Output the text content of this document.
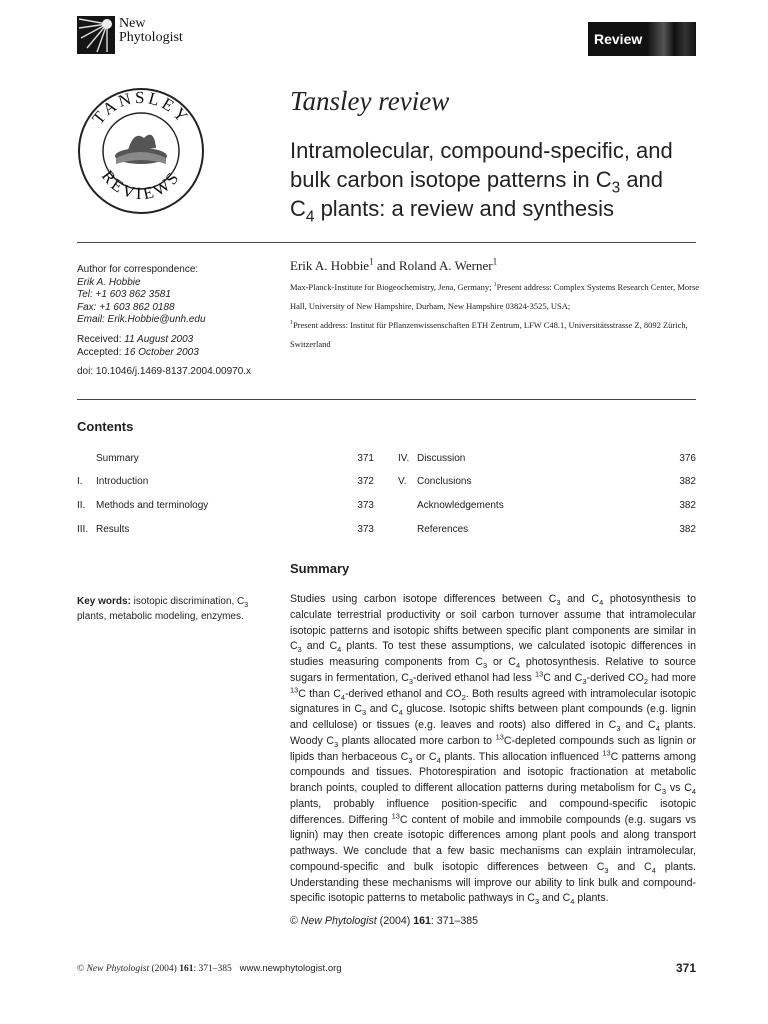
New
Phytologist	Review
TANSLEY
REVIEWS
Tansley review
Intramolecular, compound-specific, and
bulk carbon isotope patterns in $C_3$ and
$C_4$ plants: a review and synthesis
Author for correspondence:
Erik A. Hobbie
Tel: +1 603 862 3581
Fax: +1 603 862 0188
Email: Erik.Hobbie@unh.edu
Received: 11 August 2003
Accepted: 16 October 2003
doi: 10.1046/j.1469-8137.2004.00970.x
Erik A. Hobbie$^1$ and Roland A. Werner$^1$
Max-Planck-Institute for Biogeochemistry, Jena, Germany; $^1$Present address: Complex Systems Research Center, Morse Hall, University of New Hampshire, Durham, New Hampshire 03824-3525, USA;
$^1$Present address: Institut für Pflanzenwissenschaften ETH Zentrum, LFW C48.1, Universitätsstrasse Z, 8092 Zürich, Switzerland
Contents
Summary	371
I. Introduction	372
II. Methods and terminology	373
III. Results	373
IV. Discussion	376
V. Conclusions	382
Acknowledgements	382
References	382
Summary
Key words: isotopic discrimination, $C_3$ plants, metabolic modeling, enzymes.
Studies using carbon isotope differences between $C_3$ and $C_4$ photosynthesis to calculate terrestrial productivity or soil carbon turnover assume that intramolecular isotopic patterns and isotopic shifts between specific plant components are similar in $C_3$ and $C_4$ plants. To test these assumptions, we calculated isotopic differences in studies measuring components from $C_3$ or $C_4$ photosynthesis. Relative to source sugars in fermentation, $C_3$-derived ethanol had less $^{13}$C and $C_3$-derived $CO_2$ had more $^{13}$C than $C_4$-derived ethanol and $CO_2$. Both results agreed with intramolecular isotopic signatures in $C_3$ and $C_4$ glucose. Isotopic shifts between plant compounds (e.g. lignin and cellulose) or tissues (e.g. leaves and roots) also differed in $C_3$ and $C_4$ plants. Woody $C_3$ plants allocated more carbon to $^{13}$C-depleted compounds such as lignin or lipids than herbaceous $C_3$ or $C_4$ plants. This allocation influenced $^{13}$C patterns among compounds and tissues. Photorespiration and isotopic fractionation at metabolic branch points, coupled to different allocation patterns during metabolism for $C_3$ vs $C_4$ plants, probably influence position-specific and compound-specific isotopic differences. Differing $^{13}$C content of mobile and immobile compounds (e.g. sugars vs lignin) may then create isotopic differences among plant pools and along transport pathways. We conclude that a few basic mechanisms can explain intramolecular, compound-specific and bulk isotopic differences between $C_3$ and $C_4$ plants. Understanding these mechanisms will improve our ability to link bulk and compound-specific isotopic patterns to metabolic pathways in $C_3$ and $C_4$ plants.
© New Phytologist (2004) 161: 371–385
© New Phytologist (2004) 161: 371–385 www.newphytologist.org	371
